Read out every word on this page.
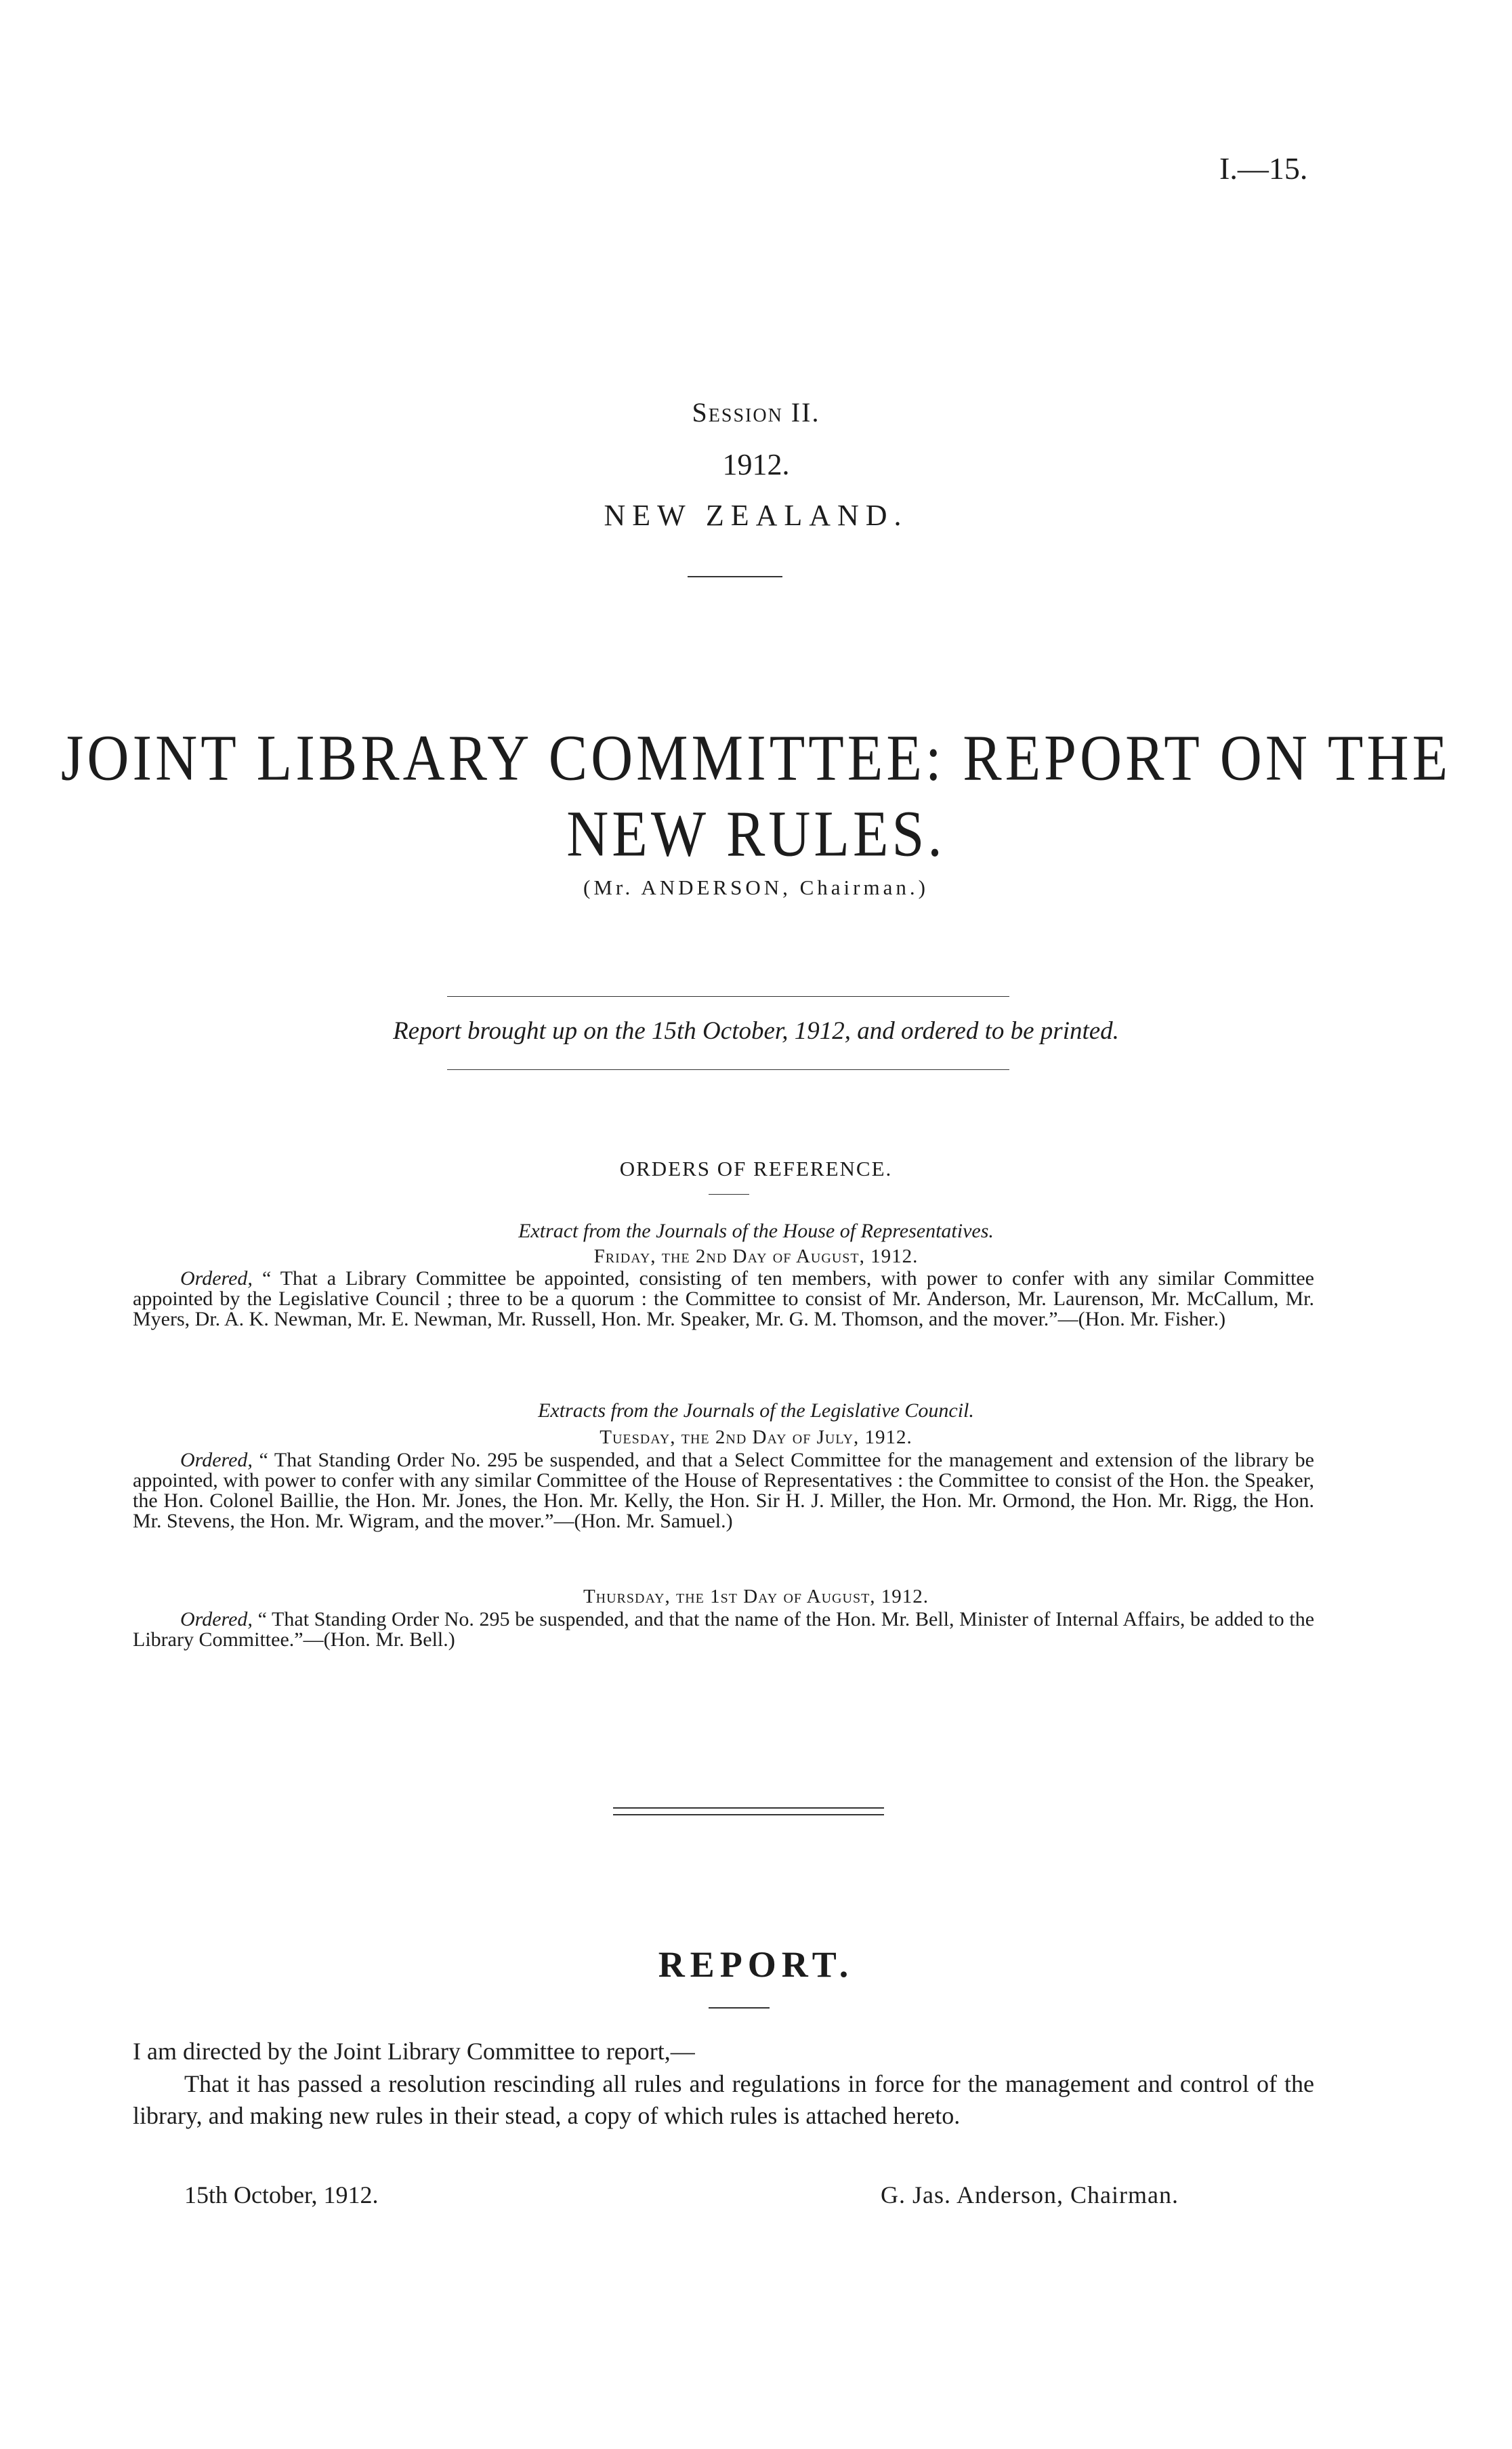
I.—15.
Session II.
1912.
NEW ZEALAND.
JOINT LIBRARY COMMITTEE: REPORT ON THE
NEW RULES.
(Mr. ANDERSON, Chairman.)
Report brought up on the 15th October, 1912, and ordered to be printed.
ORDERS OF REFERENCE.
Extract from the Journals of the House of Representatives.
Friday, the 2nd Day of August, 1912.
Ordered, “ That a Library Committee be appointed, consisting of ten members, with power to confer with any similar Committee appointed by the Legislative Council ; three to be a quorum : the Committee to consist of Mr. Anderson, Mr. Laurenson, Mr. McCallum, Mr. Myers, Dr. A. K. Newman, Mr. E. Newman, Mr. Russell, Hon. Mr. Speaker, Mr. G. M. Thomson, and the mover.”—(Hon. Mr. Fisher.)
Extracts from the Journals of the Legislative Council.
Tuesday, the 2nd Day of July, 1912.
Ordered, “ That Standing Order No. 295 be suspended, and that a Select Committee for the management and extension of the library be appointed, with power to confer with any similar Committee of the House of Representatives : the Committee to consist of the Hon. the Speaker, the Hon. Colonel Baillie, the Hon. Mr. Jones, the Hon. Mr. Kelly, the Hon. Sir H. J. Miller, the Hon. Mr. Ormond, the Hon. Mr. Rigg, the Hon. Mr. Stevens, the Hon. Mr. Wigram, and the mover.”—(Hon. Mr. Samuel.)
Thursday, the 1st Day of August, 1912.
Ordered, “ That Standing Order No. 295 be suspended, and that the name of the Hon. Mr. Bell, Minister of Internal Affairs, be added to the Library Committee.”—(Hon. Mr. Bell.)
REPORT.
I am directed by the Joint Library Committee to report,—
That it has passed a resolution rescinding all rules and regulations in force for the management and control of the library, and making new rules in their stead, a copy of which rules is attached hereto.
15th October, 1912.	G. Jas. Anderson, Chairman.
